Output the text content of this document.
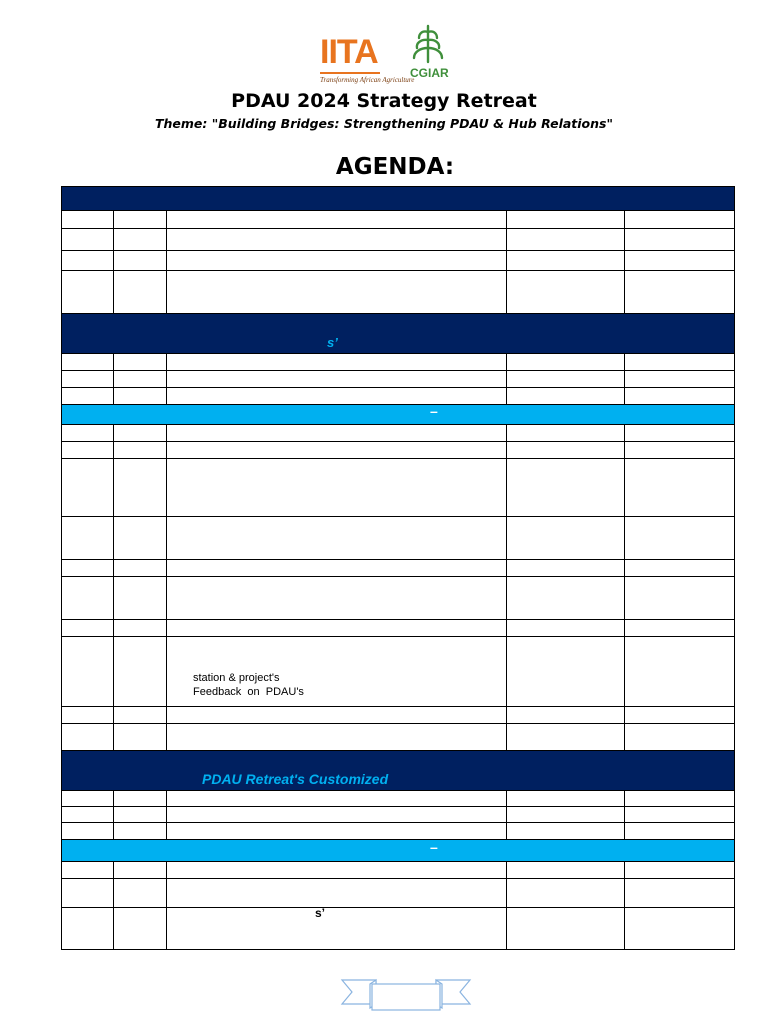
IITA
Transforming African Agriculture
CGIAR
PDAU 2024 Strategy Retreat
Theme: "Building Bridges: Strengthening PDAU & Hub Relations"
AGENDA:

s’				

–				

		station & project's
Feedback  on  PDAU's		

PDAU Retreat's Customized				

–				

		s’		
